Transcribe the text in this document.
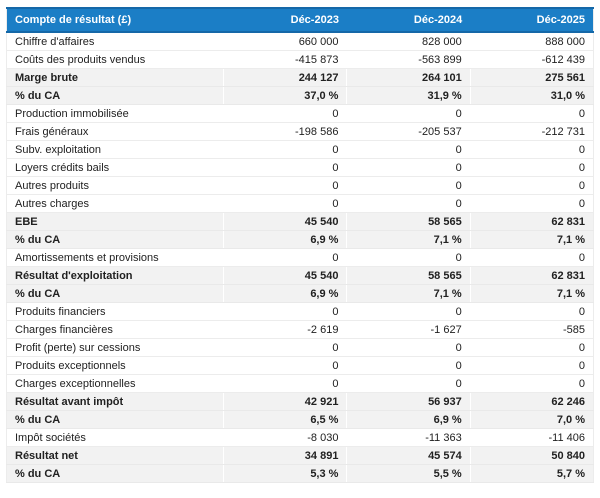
Compte de résultat (£)	Déc-2023	Déc-2024	Déc-2025
Chiffre d'affaires	660 000	828 000	888 000
Coûts des produits vendus	-415 873	-563 899	-612 439
Marge brute	244 127	264 101	275 561
% du CA	37,0 %	31,9 %	31,0 %
Production immobilisée	0	0	0
Frais généraux	-198 586	-205 537	-212 731
Subv. exploitation	0	0	0
Loyers crédits bails	0	0	0
Autres produits	0	0	0
Autres charges	0	0	0
EBE	45 540	58 565	62 831
% du CA	6,9 %	7,1 %	7,1 %
Amortissements et provisions	0	0	0
Résultat d'exploitation	45 540	58 565	62 831
% du CA	6,9 %	7,1 %	7,1 %
Produits financiers	0	0	0
Charges financières	-2 619	-1 627	-585
Profit (perte) sur cessions	0	0	0
Produits exceptionnels	0	0	0
Charges exceptionnelles	0	0	0
Résultat avant impôt	42 921	56 937	62 246
% du CA	6,5 %	6,9 %	7,0 %
Impôt sociétés	-8 030	-11 363	-11 406
Résultat net	34 891	45 574	50 840
% du CA	5,3 %	5,5 %	5,7 %
